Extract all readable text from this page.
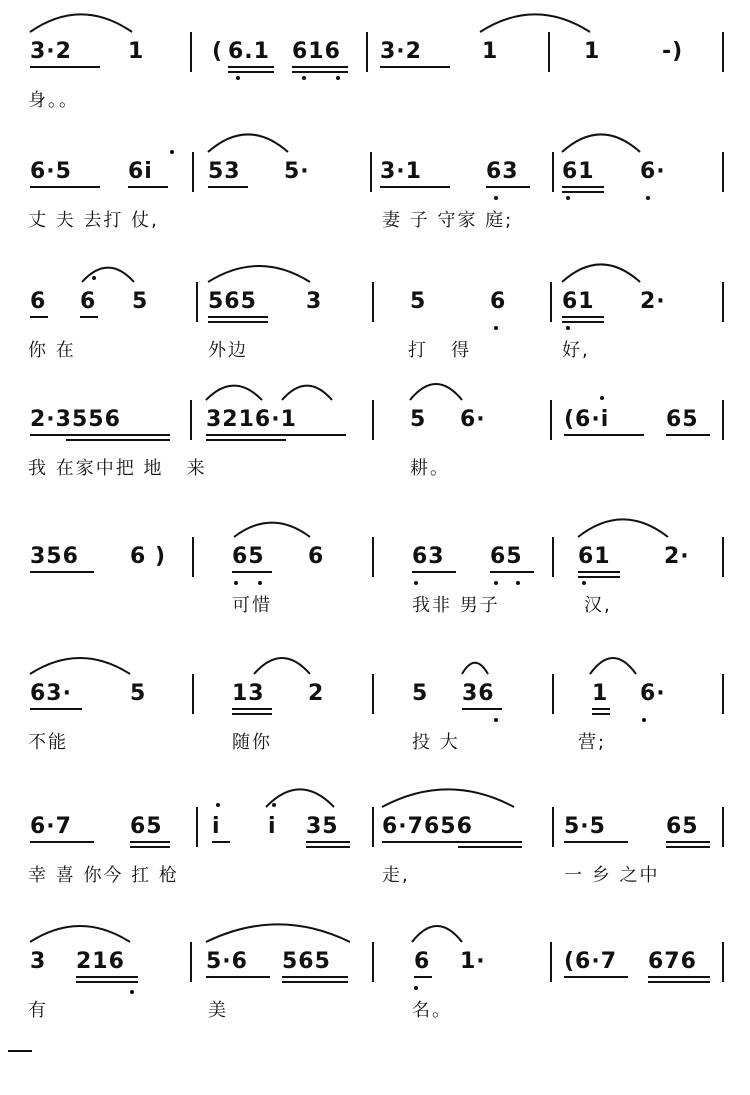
3·2	1	( 6.1 616 3·2	1	1	-)
身。。
6·5	6i	53 5·	3·1	63 61 6·
丈 夫 去打 仗,	妻 子 守家 庭;
6 6 5	565 3	5	6	61 2·
你 在	外边	打   得	好,
2·3556	3216·1	5 6·	(6·i	65
我 在家中把 地   来	耕。
356 6 )	65 6	63 65	61 2·
可惜	我非 男子	汉,
63·	5	13 2	5 36	1 6·
不能	随你	投 大	营;
6·7	65 i i 35 6·7656	5·5	65
幸 喜 你今 扛 枪	走,	一 乡 之中
3 216	5·6 565	6 1·	(6·7 676
有	美	名。
